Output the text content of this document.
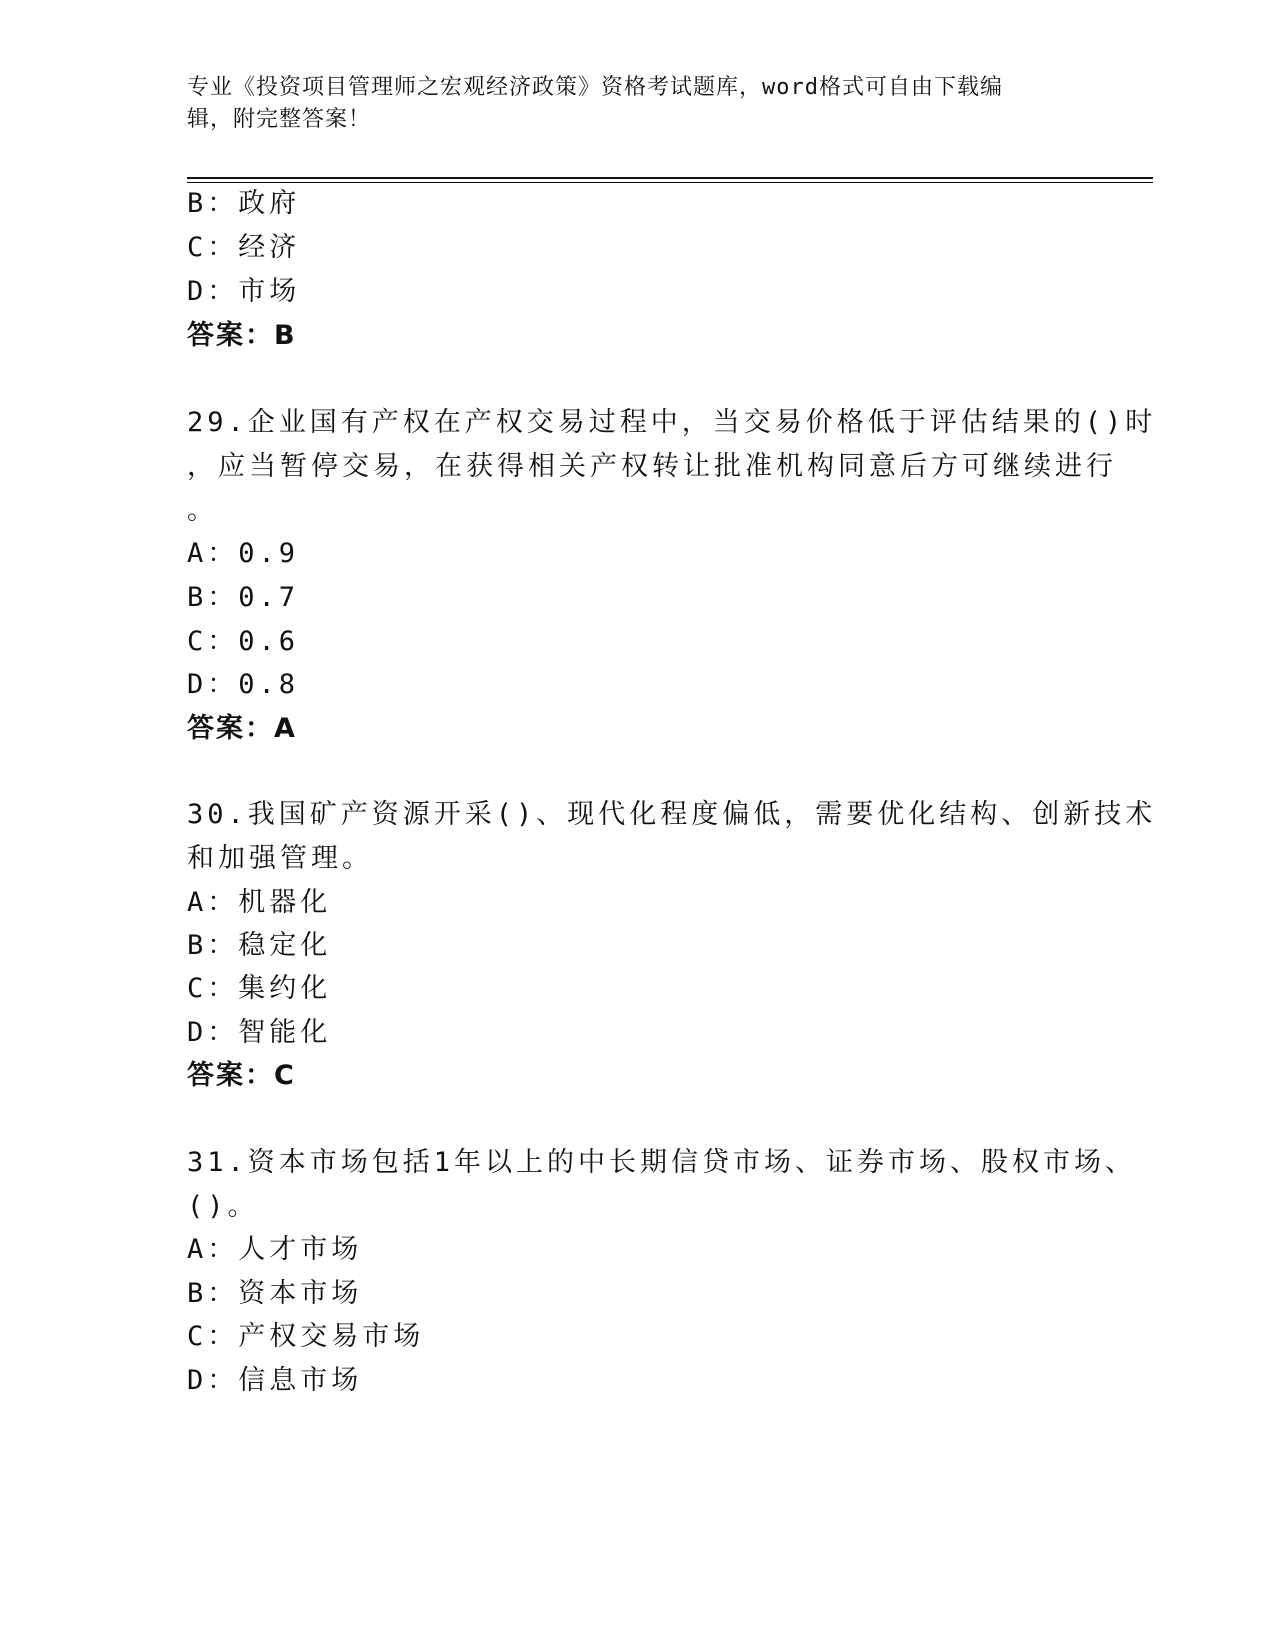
专业《投资项目管理师之宏观经济政策》资格考试题库，word格式可自由下载编
辑，附完整答案！
B：政府
C：经济
D：市场
答案：B
29.企业国有产权在产权交易过程中，当交易价格低于评估结果的()时
，应当暂停交易，在获得相关产权转让批准机构同意后方可继续进行
。
A：0.9
B：0.7
C：0.6
D：0.8
答案：A
30.我国矿产资源开采()、现代化程度偏低，需要优化结构、创新技术
和加强管理。
A：机器化
B：稳定化
C：集约化
D：智能化
答案：C
31.资本市场包括1年以上的中长期信贷市场、证券市场、股权市场、
()。
A：人才市场
B：资本市场
C：产权交易市场
D：信息市场
